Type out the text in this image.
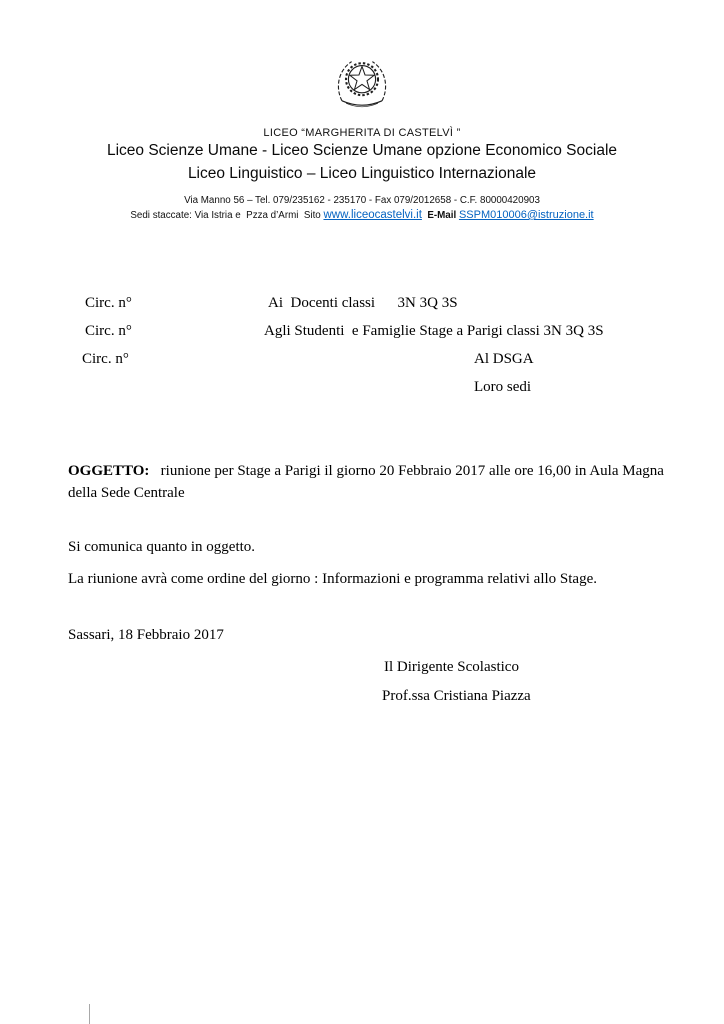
LICEO “MARGHERITA DI CASTELVÌ ”
Liceo Scienze Umane - Liceo Scienze Umane opzione Economico Sociale
Liceo Linguistico – Liceo Linguistico Internazionale
Via Manno 56 – Tel. 079/235162 - 235170 - Fax 079/2012658 - C.F. 80000420903
Sedi staccate: Via Istria e  Pzza d’Armi  Sito www.liceocastelvi.it  E-Mail SSPM010006@istruzione.it
Circ. n°	Ai  Docenti classi      3N 3Q 3S
Circ. n°	Agli Studenti  e Famiglie Stage a Parigi classi 3N 3Q 3S
Circ. n°	Al DSGA
Loro sedi

OGGETTO:   riunione per Stage a Parigi il giorno 20 Febbraio 2017 alle ore 16,00 in Aula Magna della Sede Centrale

Si comunica quanto in oggetto.

La riunione avrà come ordine del giorno : Informazioni e programma relativi allo Stage.

Sassari, 18 Febbraio 2017

Il Dirigente Scolastico

Prof.ssa Cristiana Piazza
